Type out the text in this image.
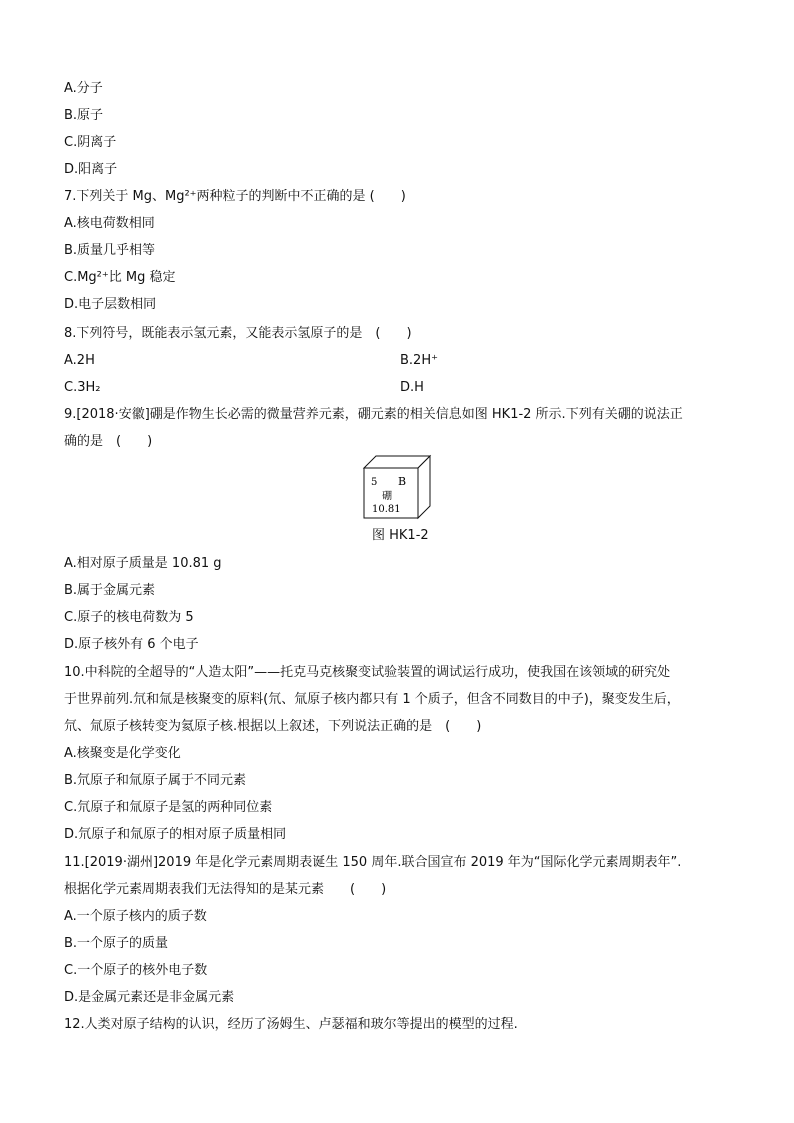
A.分子
B.原子
C.阴离子
D.阳离子
7.下列关于 Mg、Mg²⁺两种粒子的判断中不正确的是 (　　)
A.核电荷数相同
B.质量几乎相等
C.Mg²⁺比 Mg 稳定
D.电子层数相同
8.下列符号，既能表示氢元素，又能表示氢原子的是　(　　)
A.2H	B.2H⁺
C.3H₂	D.H
9.[2018·安徽]硼是作物生长必需的微量营养元素，硼元素的相关信息如图 HK1-2 所示.下列有关硼的说法正
确的是　(　　)
5 B
硼
10.81
图 HK1-2
A.相对原子质量是 10.81 g
B.属于金属元素
C.原子的核电荷数为 5
D.原子核外有 6 个电子
10.中科院的全超导的“人造太阳”——托克马克核聚变试验装置的调试运行成功，使我国在该领域的研究处
于世界前列.氘和氚是核聚变的原料(氘、氚原子核内都只有 1 个质子，但含不同数目的中子)，聚变发生后，
氘、氚原子核转变为氦原子核.根据以上叙述，下列说法正确的是　(　　)
A.核聚变是化学变化
B.氘原子和氚原子属于不同元素
C.氘原子和氚原子是氢的两种同位素
D.氘原子和氚原子的相对原子质量相同
11.[2019·湖州]2019 年是化学元素周期表诞生 150 周年.联合国宣布 2019 年为“国际化学元素周期表年”.
根据化学元素周期表我们无法得知的是某元素　　(　　)
A.一个原子核内的质子数
B.一个原子的质量
C.一个原子的核外电子数
D.是金属元素还是非金属元素
12.人类对原子结构的认识，经历了汤姆生、卢瑟福和玻尔等提出的模型的过程.
